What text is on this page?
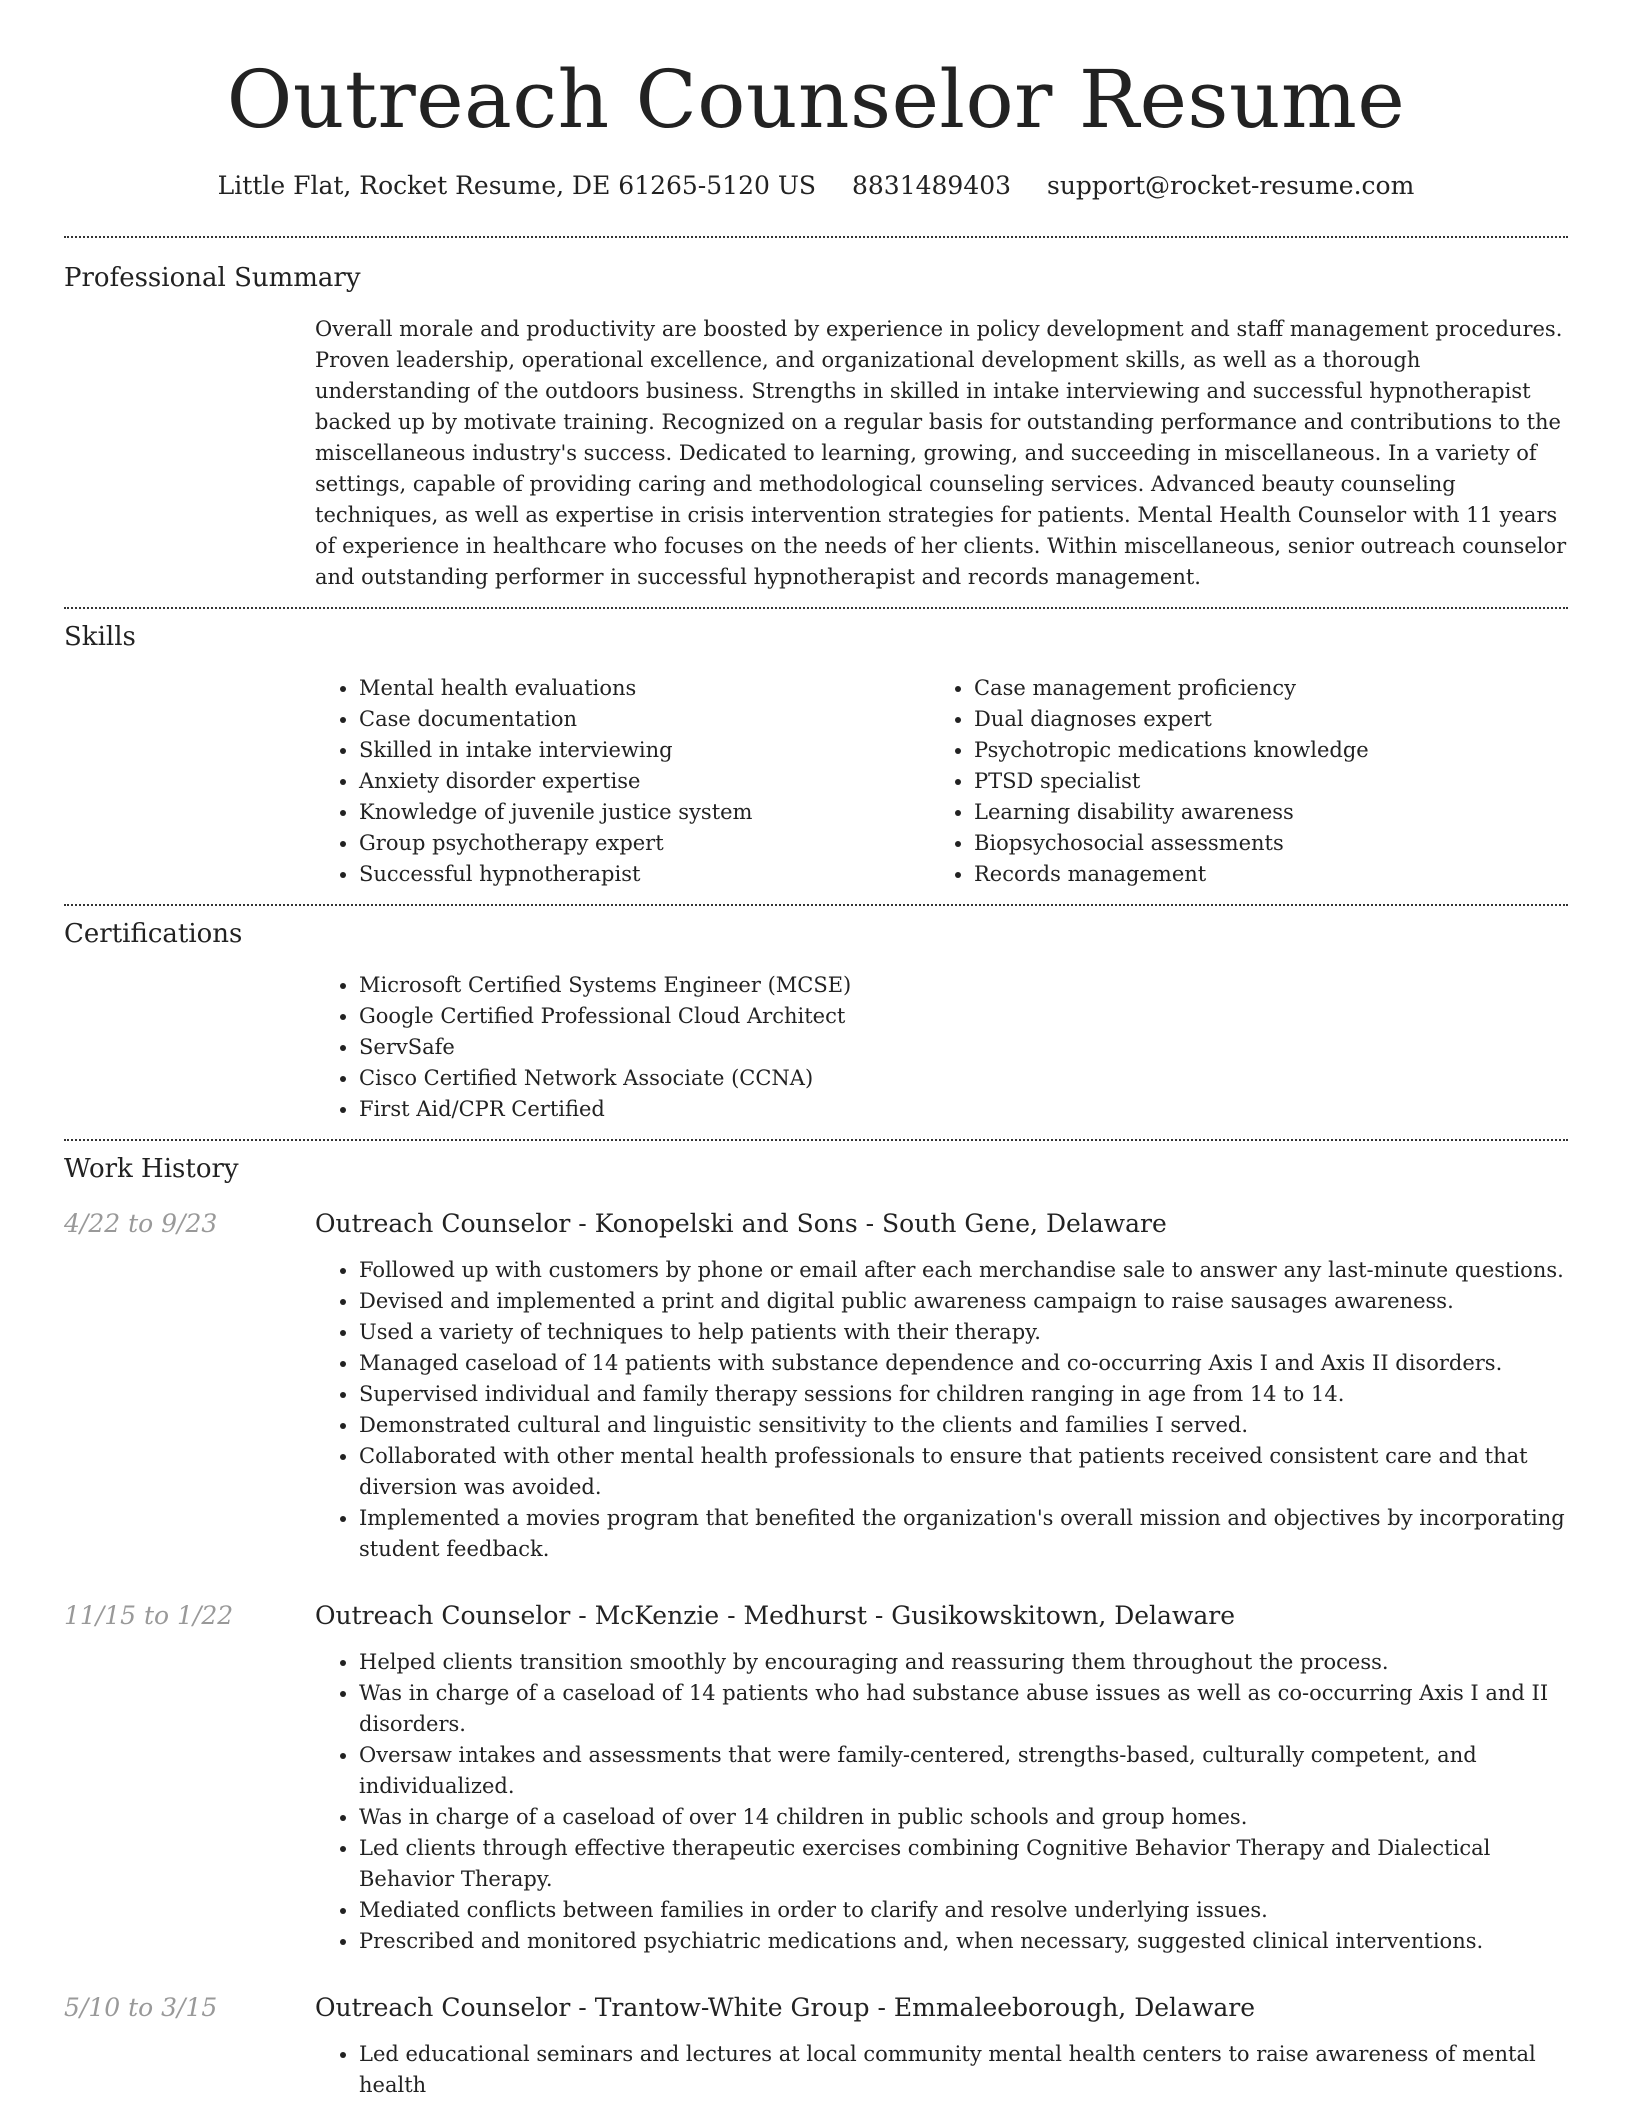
Outreach Counselor Resume
Little Flat, Rocket Resume, DE 61265-5120 US 8831489403 support@rocket-resume.com
Professional Summary

Overall morale and productivity are boosted by experience in policy development and staff management procedures. Proven leadership, operational excellence, and organizational development skills, as well as a thorough understanding of the outdoors business. Strengths in skilled in intake interviewing and successful hypnotherapist backed up by motivate training. Recognized on a regular basis for outstanding performance and contributions to the miscellaneous industry's success. Dedicated to learning, growing, and succeeding in miscellaneous. In a variety of settings, capable of providing caring and methodological counseling services. Advanced beauty counseling techniques, as well as expertise in crisis intervention strategies for patients. Mental Health Counselor with 11 years of experience in healthcare who focuses on the needs of her clients. Within miscellaneous, senior outreach counselor and outstanding performer in successful hypnotherapist and records management.

Skills
• Mental health evaluations
• Case documentation
• Skilled in intake interviewing
• Anxiety disorder expertise
• Knowledge of juvenile justice system
• Group psychotherapy expert
• Successful hypnotherapist
• Case management proficiency
• Dual diagnoses expert
• Psychotropic medications knowledge
• PTSD specialist
• Learning disability awareness
• Biopsychosocial assessments
• Records management
Certifications
• Microsoft Certified Systems Engineer (MCSE)
• Google Certified Professional Cloud Architect
• ServSafe
• Cisco Certified Network Associate (CCNA)
• First Aid/CPR Certified
Work History
4/22 to 9/23	Outreach Counselor - Konopelski and Sons - South Gene, Delaware
• Followed up with customers by phone or email after each merchandise sale to answer any last-minute questions.
• Devised and implemented a print and digital public awareness campaign to raise sausages awareness.
• Used a variety of techniques to help patients with their therapy.
• Managed caseload of 14 patients with substance dependence and co-occurring Axis I and Axis II disorders.
• Supervised individual and family therapy sessions for children ranging in age from 14 to 14.
• Demonstrated cultural and linguistic sensitivity to the clients and families I served.
• Collaborated with other mental health professionals to ensure that patients received consistent care and that diversion was avoided.
• Implemented a movies program that benefited the organization's overall mission and objectives by incorporating student feedback.
11/15 to 1/22	Outreach Counselor - McKenzie - Medhurst - Gusikowskitown, Delaware
• Helped clients transition smoothly by encouraging and reassuring them throughout the process.
• Was in charge of a caseload of 14 patients who had substance abuse issues as well as co-occurring Axis I and II disorders.
• Oversaw intakes and assessments that were family-centered, strengths-based, culturally competent, and individualized.
• Was in charge of a caseload of over 14 children in public schools and group homes.
• Led clients through effective therapeutic exercises combining Cognitive Behavior Therapy and Dialectical Behavior Therapy.
• Mediated conflicts between families in order to clarify and resolve underlying issues.
• Prescribed and monitored psychiatric medications and, when necessary, suggested clinical interventions.
5/10 to 3/15	Outreach Counselor - Trantow-White Group - Emmaleeborough, Delaware
• Led educational seminars and lectures at local community mental health centers to raise awareness of mental health
